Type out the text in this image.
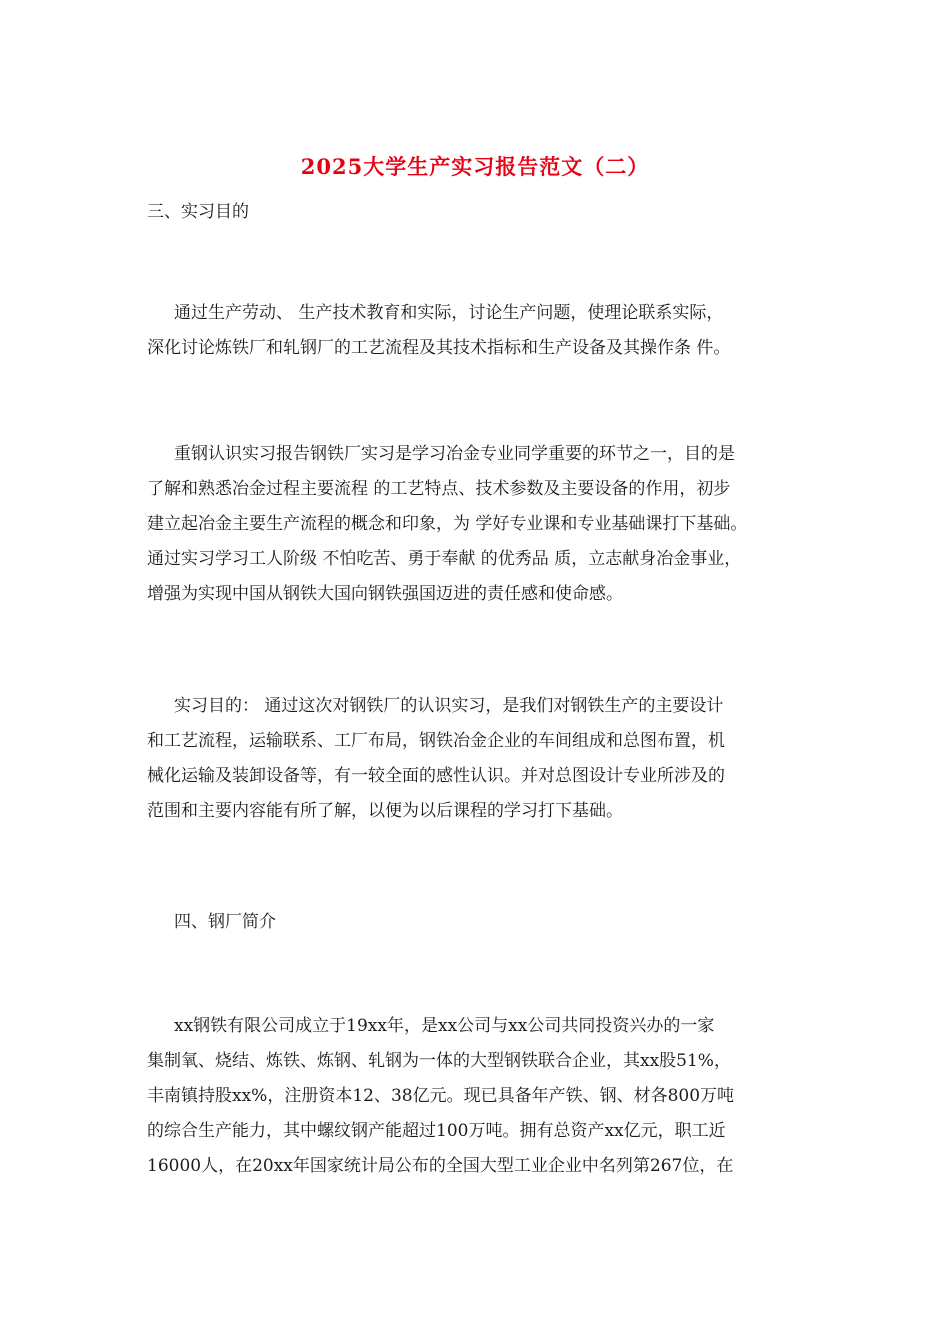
2025大学生产实习报告范文（二）
三、实习目的
通过生产劳动、 生产技术教育和实际，讨论生产问题，使理论联系实际，
深化讨论炼铁厂和轧钢厂的工艺流程及其技术指标和生产设备及其操作条 件。
重钢认识实习报告钢铁厂实习是学习冶金专业同学重要的环节之一，目的是
了解和熟悉冶金过程主要流程 的工艺特点、技术参数及主要设备的作用，初步
建立起冶金主要生产流程的概念和印象，为 学好专业课和专业基础课打下基础。
通过实习学习工人阶级 不怕吃苦、勇于奉献 的优秀品 质，立志献身冶金事业，
增强为实现中国从钢铁大国向钢铁强国迈进的责任感和使命感。
实习目的： 通过这次对钢铁厂的认识实习，是我们对钢铁生产的主要设计
和工艺流程，运输联系、工厂布局，钢铁冶金企业的车间组成和总图布置，机
械化运输及装卸设备等，有一较全面的感性认识。并对总图设计专业所涉及的
范围和主要内容能有所了解，以便为以后课程的学习打下基础。
四、钢厂简介
xx钢铁有限公司成立于19xx年，是xx公司与xx公司共同投资兴办的一家
集制氧、烧结、炼铁、炼钢、轧钢为一体的大型钢铁联合企业，其xx股51%，
丰南镇持股xx%，注册资本12、38亿元。现已具备年产铁、钢、材各800万吨
的综合生产能力，其中螺纹钢产能超过100万吨。拥有总资产xx亿元，职工近
16000人，在20xx年国家统计局公布的全国大型工业企业中名列第267位，在
